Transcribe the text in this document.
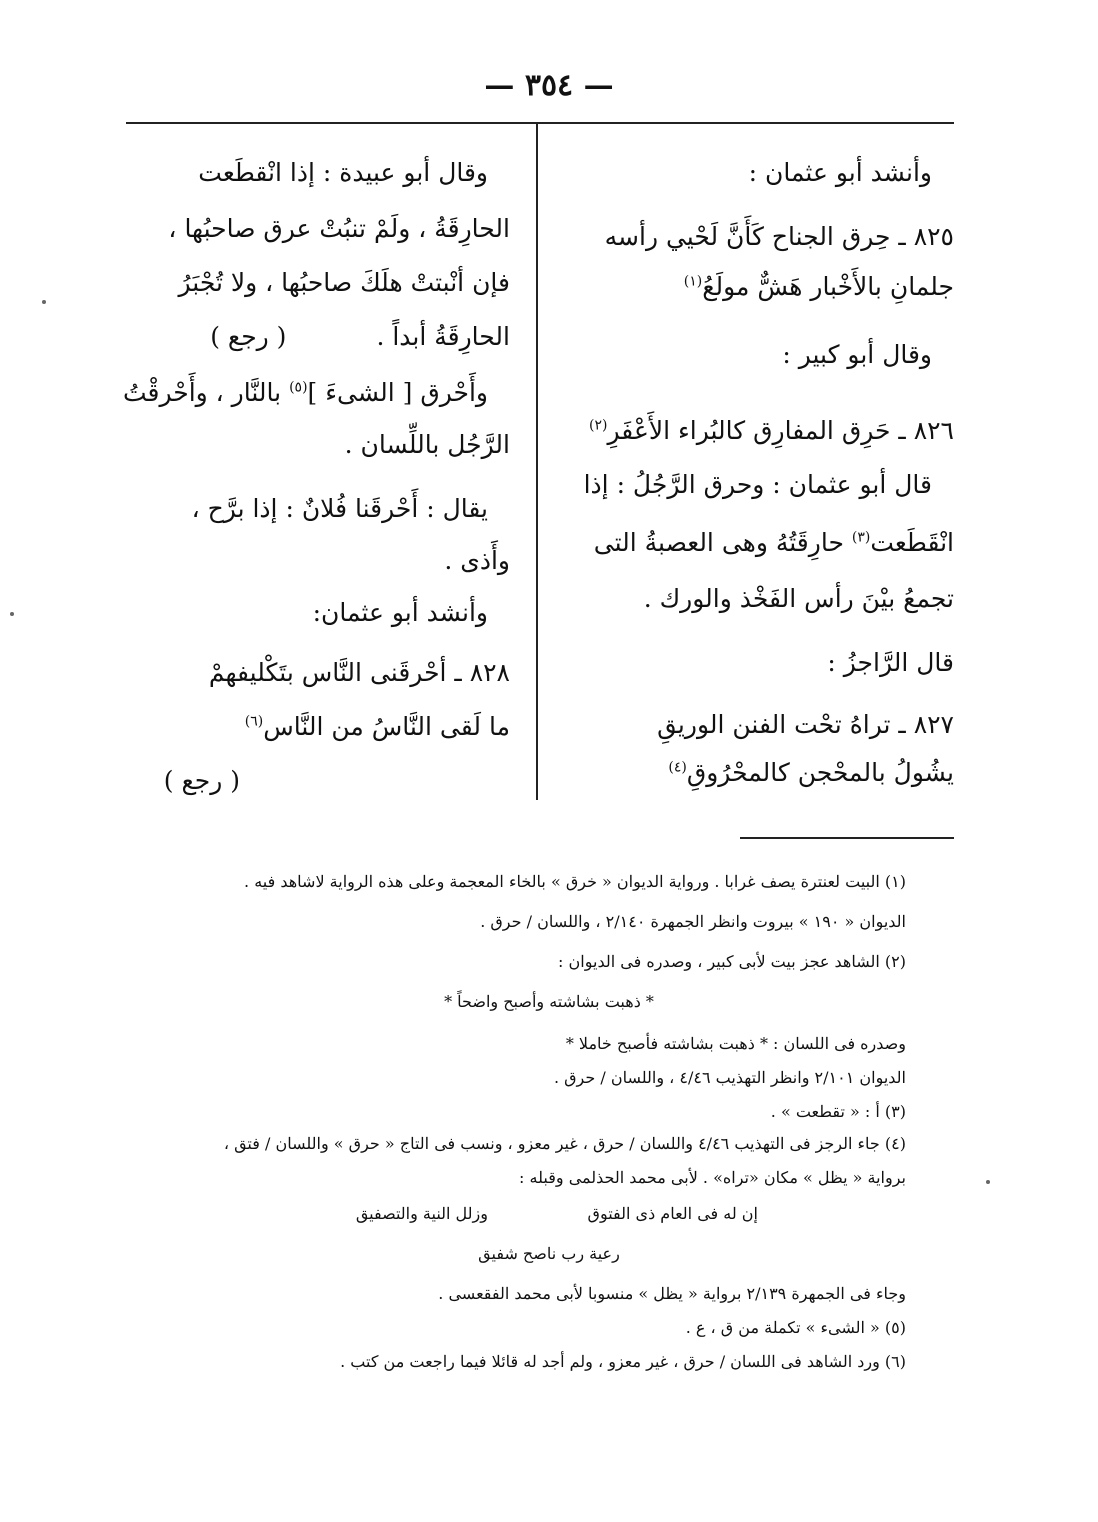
— ٣٥٤ —
وأنشد أبو عثمان :
٨٢٥ ـ حِرق الجناح كَأَنَّ لَحْيي رأسه
جلمانِ بالأَخْبار هَشٌّ مولَعُ$^{(١)}$
وقال أبو كبير :
٨٢٦ ـ حَرِق المفارِق كالبُراء الأَعْفَرِ$^{(٢)}$
قال أبو عثمان : وحرق الرَّجُلُ : إذا
انْقَطَعت$^{(٣)}$ حارِقَتُهُ وهى العصبةُ التى
تجمعُ بيْنَ رأس الفَخْذ والورك .
قال الرَّاجزُ :
٨٢٧ ـ تراهُ تحْت الفنن الوريقِ
يشُولُ بالمحْجن كالمحْرُوقِ$^{(٤)}$
وقال أبو عبيدة : إذا انْقطَعت
الحارِقَةُ ، ولَمْ تنبُتْ عرق صاحبُها ،
فإن أنْبتتْ هلَكَ صاحبُها ، ولا تُجْبَرُ
الحارِقَةُ أبداً .( رجع )
وأَحْرق [ الشىءَ ]$^{(٥)}$ بالنَّار ، وأَحْرقْتُ
الرَّجُل باللِّسان .
يقال : أَحْرقَنا فُلانٌ : إذا برَّح ،
وأَذى .
وأنشد أبو عثمان:
٨٢٨ ـ أحْرقَنى النَّاس بتَكْليفهمْ
ما لَقى النَّاسُ من النَّاس$^{(٦)}$
( رجع )
(١) البيت لعنترة يصف غرابا . ورواية الديوان « خرق » بالخاء المعجمة وعلى هذه الرواية لاشاهد فيه .
الديوان « ١٩٠ » بيروت وانظر الجمهرة ٢/١٤٠ ، واللسان / حرق .
(٢) الشاهد عجز بيت لأبى كبير ، وصدره فى الديوان :
* ذهبت بشاشته وأصبح واضحاً *
وصدره فى اللسان : * ذهبت بشاشته فأصبح خاملا *
الديوان ٢/١٠١ وانظر التهذيب ٤/٤٦ ، واللسان / حرق .
(٣) أ : « تقطعت » .
(٤) جاء الرجز فى التهذيب ٤/٤٦ واللسان / حرق ، غير معزو ، ونسب فى التاج « حرق » واللسان / فتق ،
برواية « يظل » مكان «تراه» . لأبى محمد الحذلمى وقبله :
إن له فى العام ذى الفتوق
وزلل النية والتصفيق
رعية رب ناصح شفيق
وجاء فى الجمهرة ٢/١٣٩ برواية « يظل » منسوبا لأبى محمد الفقعسى .
(٥) « الشىء » تكملة من ق ، ع .
(٦) ورد الشاهد فى اللسان / حرق ، غير معزو ، ولم أجد له قائلا فيما راجعت من كتب .
